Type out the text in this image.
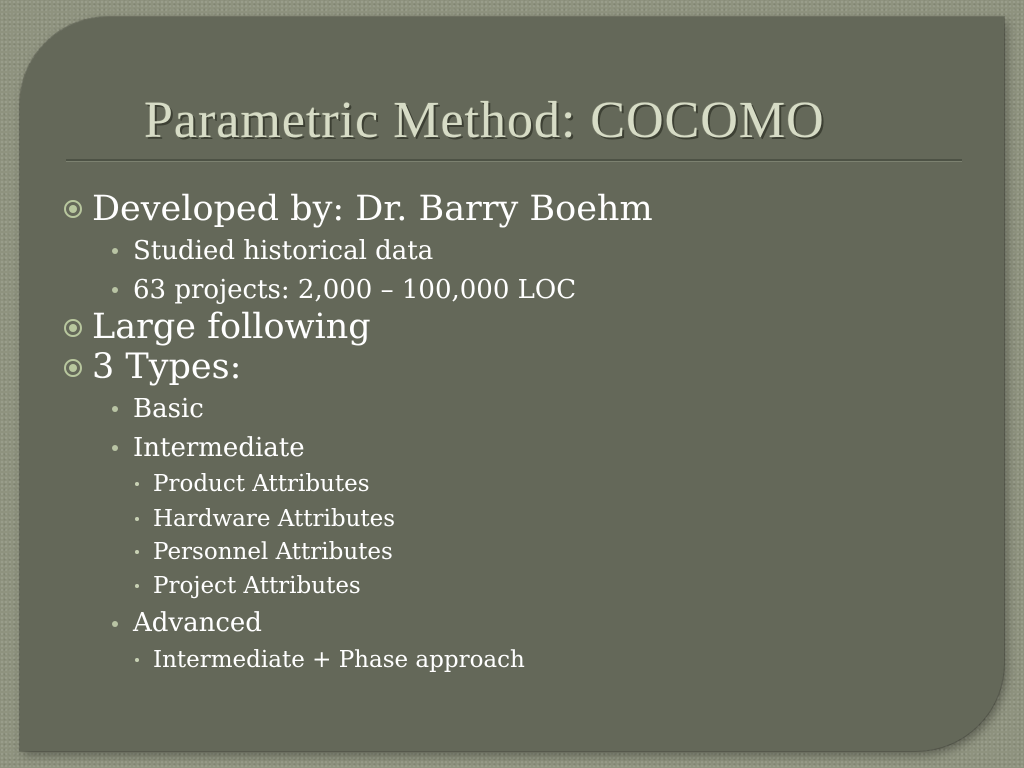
Parametric Method: COCOMO
Developed by: Dr. Barry Boehm
Studied historical data
63 projects: 2,000 – 100,000 LOC
Large following
3 Types:
Basic
Intermediate
Product Attributes
Hardware Attributes
Personnel Attributes
Project Attributes
Advanced
Intermediate + Phase approach
